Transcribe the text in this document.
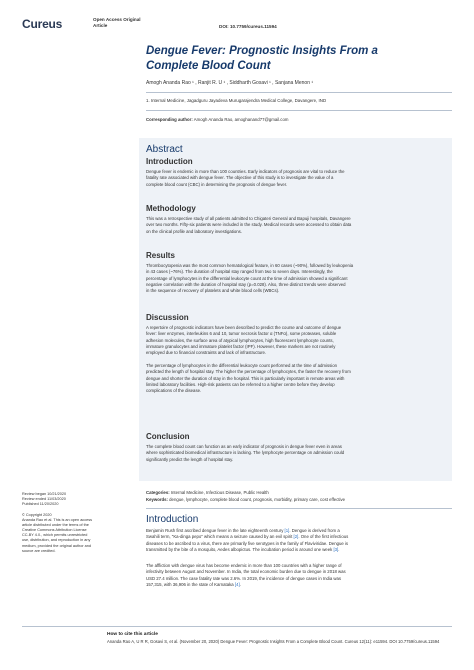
Cureus	Open Access Original
Article	DOI: 10.7759/cureus.11594
Dengue Fever: Prognostic Insights From a
Complete Blood Count
Amogh Ananda Rao ¹ , Ranjit R. U ¹ , Siddharth Gosavi ¹ , Sanjana Menon ¹
1. Internal Medicine, Jagadguru Jayadeva Murugarajendra Medical College, Davangere, IND
Corresponding author: Amogh Ananda Rao, amoghanand77@gmail.com
Abstract
Introduction
Dengue fever is endemic in more than 100 countries. Early indicators of prognosis are vital to reduce the
fatality rate associated with dengue fever. The objective of this study is to investigate the value of a
complete blood count (CBC) in determining the prognosis of dengue fever.
Methodology
This was a retrospective study of all patients admitted to Chigateri General and Bapuji hospitals, Davangere
over two months. Fifty-six patients were included in the study. Medical records were accessed to obtain data
on the clinical profile and laboratory investigations.
Results
Thrombocytopenia was the most common hematological feature, in 60 cases (~90%), followed by leukopenia
in 43 cases (~76%). The duration of hospital stay ranged from two to seven days. Interestingly, the
percentage of lymphocytes in the differential leukocyte count at the time of admission showed a significant
negative correlation with the duration of hospital stay (p=0.028). Also, three distinct trends were observed
in the sequence of recovery of platelets and white blood cells (WBCs).
Discussion
A repertoire of prognostic indicators have been described to predict the course and outcome of dengue
fever: liver enzymes, interleukins 6 and 10, tumor necrosis factor α (TNFα), some proteases, soluble
adhesion molecules, the surface area of atypical lymphocytes, high fluorescent lymphocyte counts,
immature granulocytes and immature platelet factor (IPF). However, these markers are not routinely
employed due to financial constraints and lack of infrastructure.

The percentage of lymphocytes in the differential leukocyte count performed at the time of admission
predicted the length of hospital stay. The higher the percentage of lymphocytes, the faster the recovery from
dengue and shorter the duration of stay in the hospital. This is particularly important in remote areas with
limited laboratory facilities. High-risk patients can be referred to a higher centre before they develop
complications of the disease.
Conclusion
The complete blood count can function as an early indicator of prognosis in dengue fever even in areas
where sophisticated biomedical infrastructure is lacking. The lymphocyte percentage on admission could
significantly predict the length of hospital stay.
Review began 10/21/2020
Review ended 11/03/2020
Published 11/20/2020
© Copyright 2020
Ananda Rao et al. This is an open access
article distributed under the terms of the
Creative Commons Attribution License
CC-BY 4.0., which permits unrestricted
use, distribution, and reproduction in any
medium, provided the original author and
source are credited.
Categories: Internal Medicine, Infectious Disease, Public Health
Keywords: dengue, lymphocyte, complete blood count, prognosis, morbidity, primary care, cost effective
Introduction
Benjamin Rush first ascribed dengue fever in the late eighteenth century [1]. Dengue is derived from a
Swahili term, "Ka-dinga pepo" which means a seizure caused by an evil spirit [2]. One of the first infectious
diseases to be ascribed to a virus, there are primarily five serotypes in the family of Flaviviridae. Dengue is
transmitted by the bite of a mosquito, Aedes albopictus. The incubation period is around one week [3].
The affliction with dengue virus has become endemic in more than 100 countries with a higher range of
infectivity between August and November. In India, the total economic burden due to dengue in 2018 was
USD 27.4 million. The case fatality rate was 2.6%. In 2019, the incidence of dengue cases in India was
157,315, with 36,906 in the state of Karnataka [4].
How to cite this article
Ananda Rao A, U R R, Gosavi S, et al. (November 20, 2020) Dengue Fever: Prognostic Insights From a Complete Blood Count. Cureus 12(11): e11594. DOI 10.7759/cureus.11594
